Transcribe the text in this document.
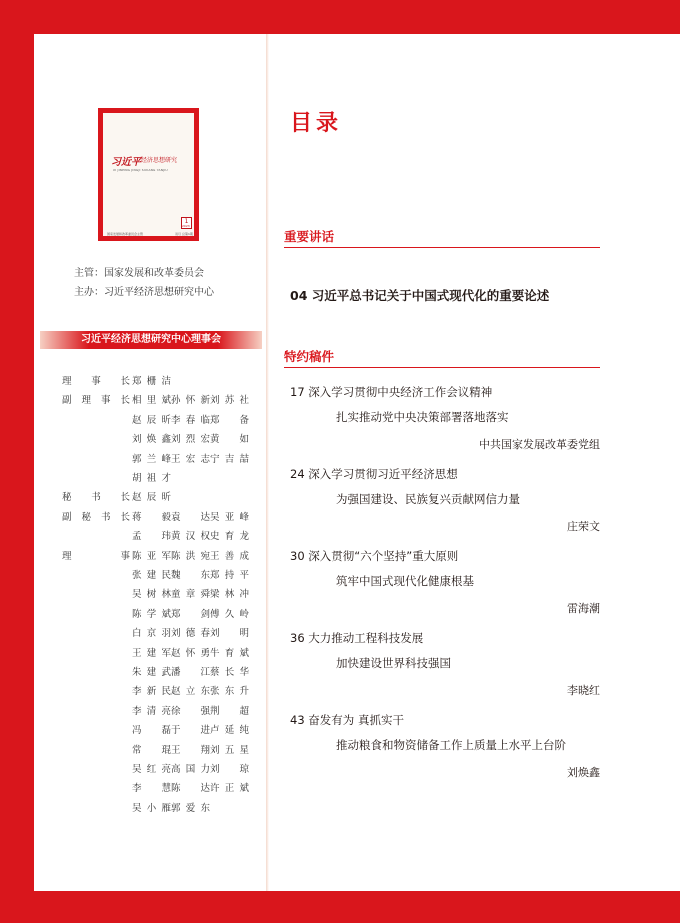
习近平 经济思想研究
XI JINPING JINGJI SIXIANG YANJIU
1
2023
国家发展和改革委员会主管	双月 总第1期
主管：国家发展和改革委员会
主办：习近平经济思想研究中心
习近平经济思想研究中心理事会
理事长 郑栅洁
副理事长 相里斌 孙怀新 刘苏社
赵辰昕 李春临 郑备
刘焕鑫 刘烈宏 黄如
郭兰峰 王宏志 宁吉喆
胡祖才
秘书长 赵辰昕
副秘书长 蒋毅 袁达 吴亚峰
孟玮 黄汉权 史育龙
理事 陈亚军 陈洪宛 王善成
张建民 魏东 郑持平
吴树林 童章舜 梁林冲
陈学斌 郑剑 傅久岭
白京羽 刘德春 刘明
王建军 赵怀勇 牛育斌
朱建武 潘江 蔡长华
李新民 赵立东 张东升
李清亮 徐强 荆超
冯磊 于进 卢延纯
常琨 王翔 刘五星
吴红亮 高国力 刘琼
李慧 陈达 许正斌
吴小雁 郭爱东
目录
重要讲话
04 习近平总书记关于中国式现代化的重要论述
特约稿件
17 深入学习贯彻中央经济工作会议精神
扎实推动党中央决策部署落地落实
中共国家发展改革委党组
24 深入学习贯彻习近平经济思想
为强国建设、民族复兴贡献网信力量
庄荣文
30 深入贯彻“六个坚持”重大原则
筑牢中国式现代化健康根基
雷海潮
36 大力推动工程科技发展
加快建设世界科技强国
李晓红
43 奋发有为 真抓实干
推动粮食和物资储备工作上质量上水平上台阶
刘焕鑫
